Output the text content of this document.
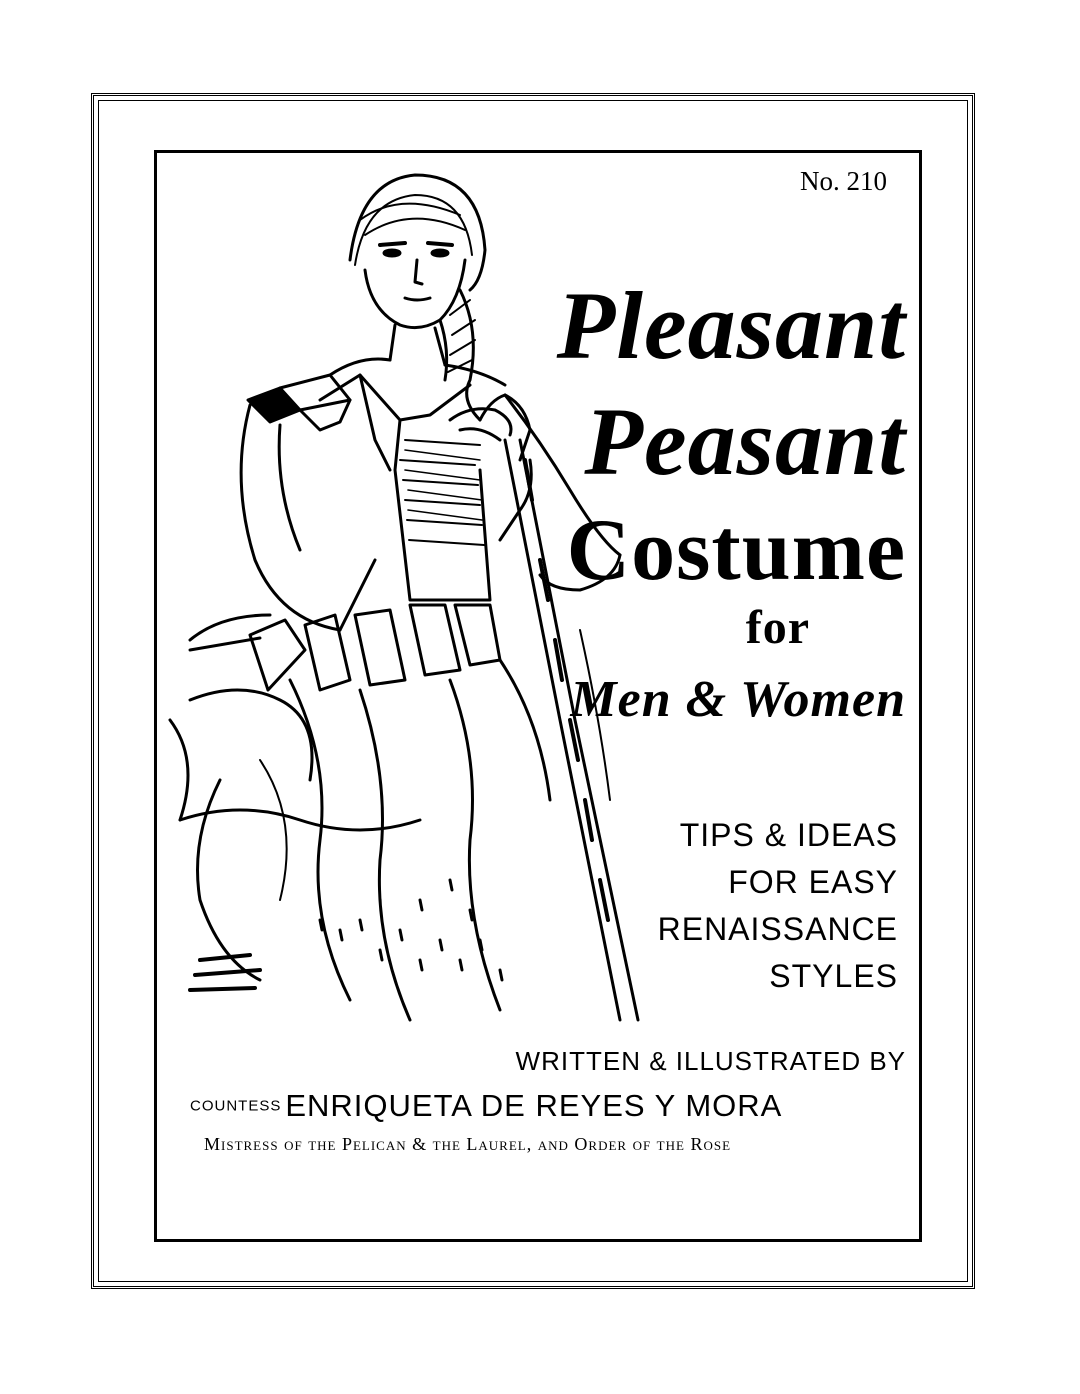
No. 210
Pleasant
Peasant
Costume
for
Men & Women
TIPS & IDEAS
FOR EASY
RENAISSANCE
STYLES
WRITTEN & ILLUSTRATED BY
COUNTESS ENRIQUETA DE REYES Y MORA
Mistress of the Pelican & the Laurel, and Order of the Rose
